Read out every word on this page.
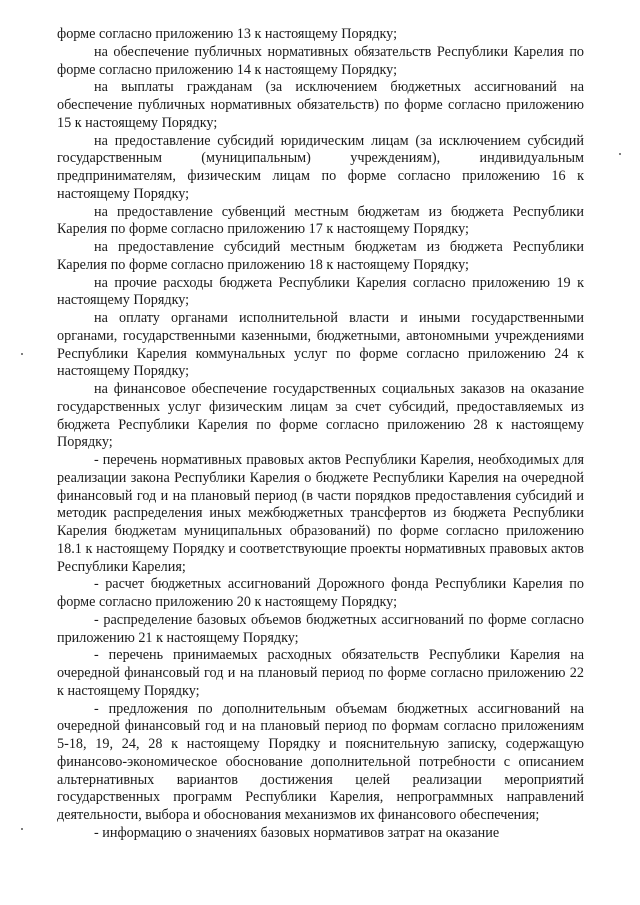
форме согласно приложению 13 к настоящему Порядку;

на обеспечение публичных нормативных обязательств Республики Карелия по форме согласно приложению 14 к настоящему Порядку;

на выплаты гражданам (за исключением бюджетных ассигнований на обеспечение публичных нормативных обязательств) по форме согласно приложению 15 к настоящему Порядку;

на предоставление субсидий юридическим лицам (за исключением субсидий государственным (муниципальным) учреждениям), индивидуальным предпринимателям, физическим лицам по форме согласно приложению 16 к настоящему Порядку;

на предоставление субвенций местным бюджетам из бюджета Республики Карелия по форме согласно приложению 17 к настоящему Порядку;

на предоставление субсидий местным бюджетам из бюджета Республики Карелия по форме согласно приложению 18 к настоящему Порядку;

на прочие расходы бюджета Республики Карелия согласно приложению 19 к настоящему Порядку;

на оплату органами исполнительной власти и иными государственными органами, государственными казенными, бюджетными, автономными учреждениями Республики Карелия коммунальных услуг по форме согласно приложению 24 к настоящему Порядку;

на финансовое обеспечение государственных социальных заказов на оказание государственных услуг физическим лицам за счет субсидий, предоставляемых из бюджета Республики Карелия по форме согласно приложению 28 к настоящему Порядку;

- перечень нормативных правовых актов Республики Карелия, необходимых для реализации закона Республики Карелия о бюджете Республики Карелия на очередной финансовый год и на плановый период (в части порядков предоставления субсидий и методик распределения иных межбюджетных трансфертов из бюджета Республики Карелия бюджетам муниципальных образований) по форме согласно приложению 18.1 к настоящему Порядку и соответствующие проекты нормативных правовых актов Республики Карелия;

- расчет бюджетных ассигнований Дорожного фонда Республики Карелия по форме согласно приложению 20 к настоящему Порядку;

- распределение базовых объемов бюджетных ассигнований по форме согласно приложению 21 к настоящему Порядку;

- перечень принимаемых расходных обязательств Республики Карелия на очередной финансовый год и на плановый период по форме согласно приложению 22 к настоящему Порядку;

- предложения по дополнительным объемам бюджетных ассигнований на очередной финансовый год и на плановый период по формам согласно приложениям 5-18, 19, 24, 28 к настоящему Порядку и пояснительную записку, содержащую финансово-экономическое обоснование дополнительной потребности с описанием альтернативных вариантов достижения целей реализации мероприятий государственных программ Республики Карелия, непрограммных направлений деятельности, выбора и обоснования механизмов их финансового обеспечения;

- информацию о значениях базовых нормативов затрат на оказание
